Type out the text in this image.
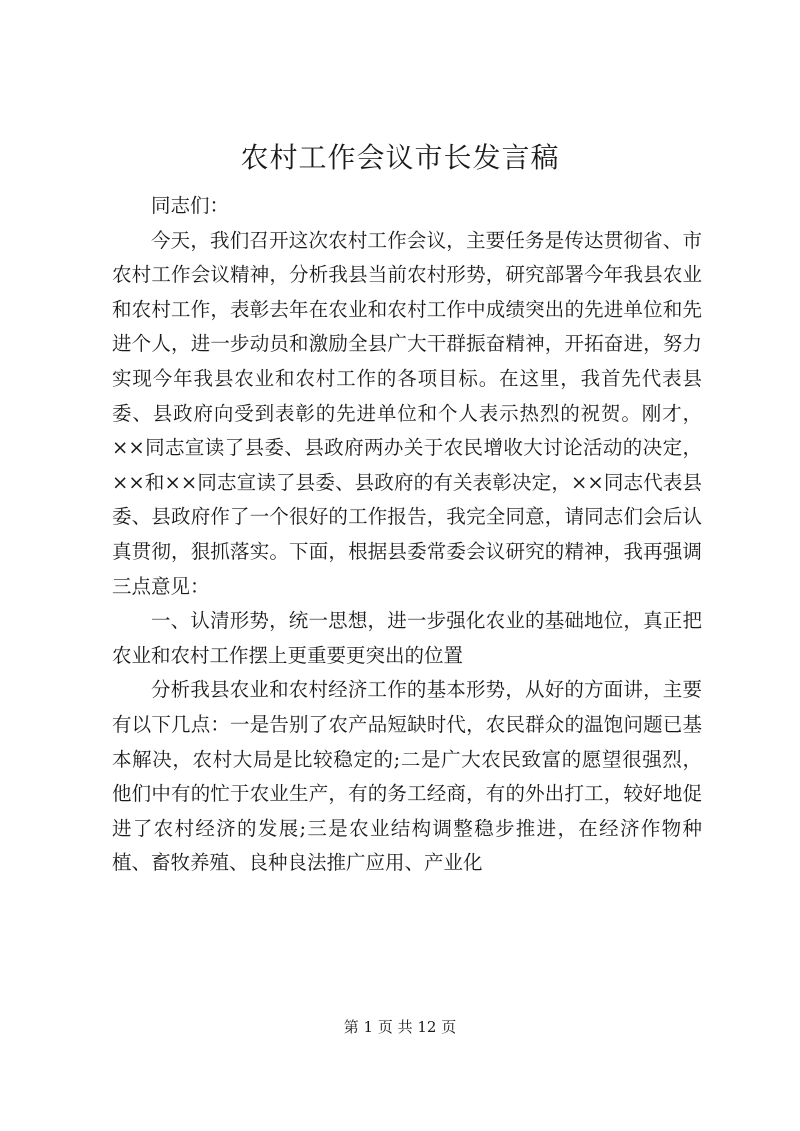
农村工作会议市长发言稿

同志们：

今天，我们召开这次农村工作会议，主要任务是传达贯彻省、市农村工作会议精神，分析我县当前农村形势，研究部署今年我县农业和农村工作，表彰去年在农业和农村工作中成绩突出的先进单位和先进个人，进一步动员和激励全县广大干群振奋精神，开拓奋进，努力实现今年我县农业和农村工作的各项目标。在这里，我首先代表县委、县政府向受到表彰的先进单位和个人表示热烈的祝贺。刚才，××同志宣读了县委、县政府两办关于农民增收大讨论活动的决定，××和××同志宣读了县委、县政府的有关表彰决定，××同志代表县委、县政府作了一个很好的工作报告，我完全同意，请同志们会后认真贯彻，狠抓落实。下面，根据县委常委会议研究的精神，我再强调三点意见：

一、认清形势，统一思想，进一步强化农业的基础地位，真正把农业和农村工作摆上更重要更突出的位置

分析我县农业和农村经济工作的基本形势，从好的方面讲，主要有以下几点：一是告别了农产品短缺时代，农民群众的温饱问题已基本解决，农村大局是比较稳定的;二是广大农民致富的愿望很强烈，他们中有的忙于农业生产，有的务工经商，有的外出打工，较好地促进了农村经济的发展;三是农业结构调整稳步推进，在经济作物种植、畜牧养殖、良种良法推广应用、产业化

第 1 页 共 12 页
